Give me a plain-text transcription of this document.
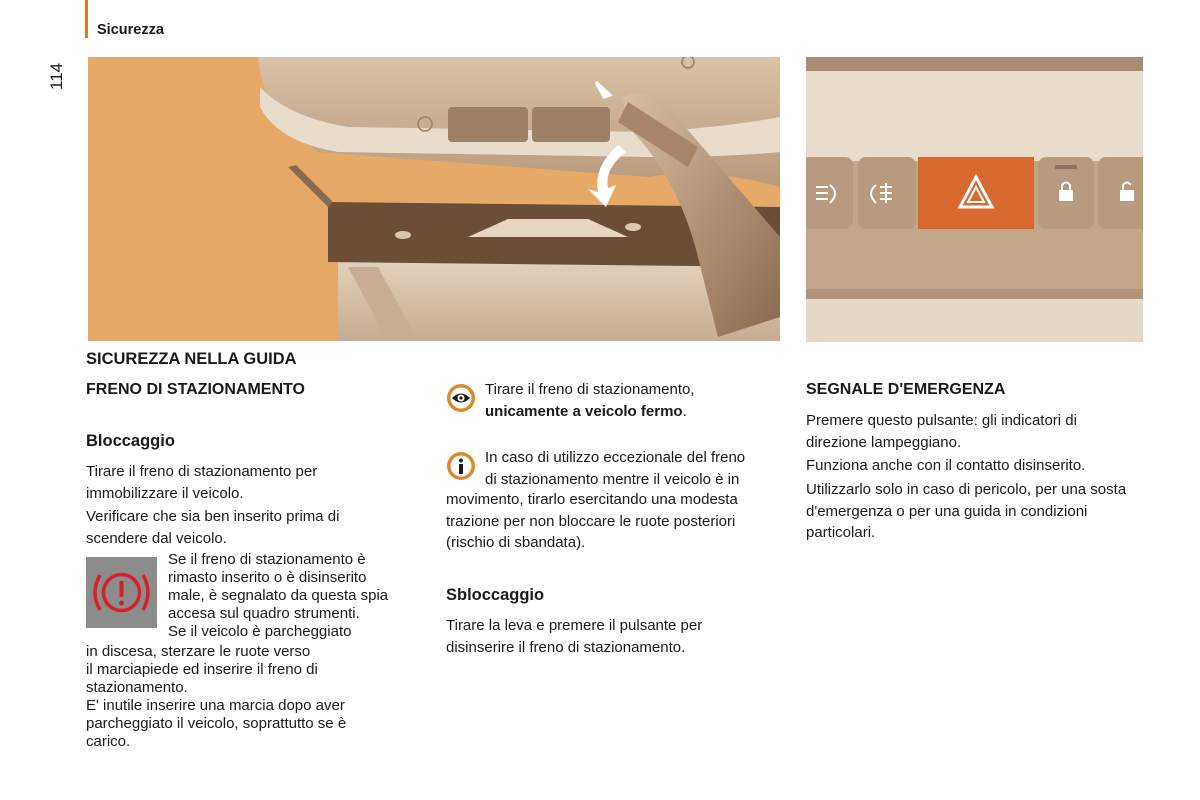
Sicurezza
114
SICUREZZA NELLA GUIDA
FRENO DI STAZIONAMENTO
Bloccaggio

Tirare il freno di stazionamento per immobilizzare il veicolo.

Verificare che sia ben inserito prima di scendere dal veicolo.

Se il freno di stazionamento è
rimasto inserito o è disinserito
male, è segnalato da questa spia
accesa sul quadro strumenti.
Se il veicolo è parcheggiato
in discesa, sterzare le ruote verso
il marciapiede ed inserire il freno di
stazionamento.
E' inutile inserire una marcia dopo aver
parcheggiato il veicolo, soprattutto se è
carico.
Tirare il freno di stazionamento,
unicamente a veicolo fermo.
In caso di utilizzo eccezionale del freno
di stazionamento mentre il veicolo è in
movimento, tirarlo esercitando una modesta
trazione per non bloccare le ruote posteriori
(rischio di sbandata).
Sbloccaggio

Tirare la leva e premere il pulsante per disinserire il freno di stazionamento.

SEGNALE D'EMERGENZA

Premere questo pulsante: gli indicatori di direzione lampeggiano.

Funziona anche con il contatto disinserito.

Utilizzarlo solo in caso di pericolo, per una sosta d'emergenza o per una guida in condizioni particolari.
